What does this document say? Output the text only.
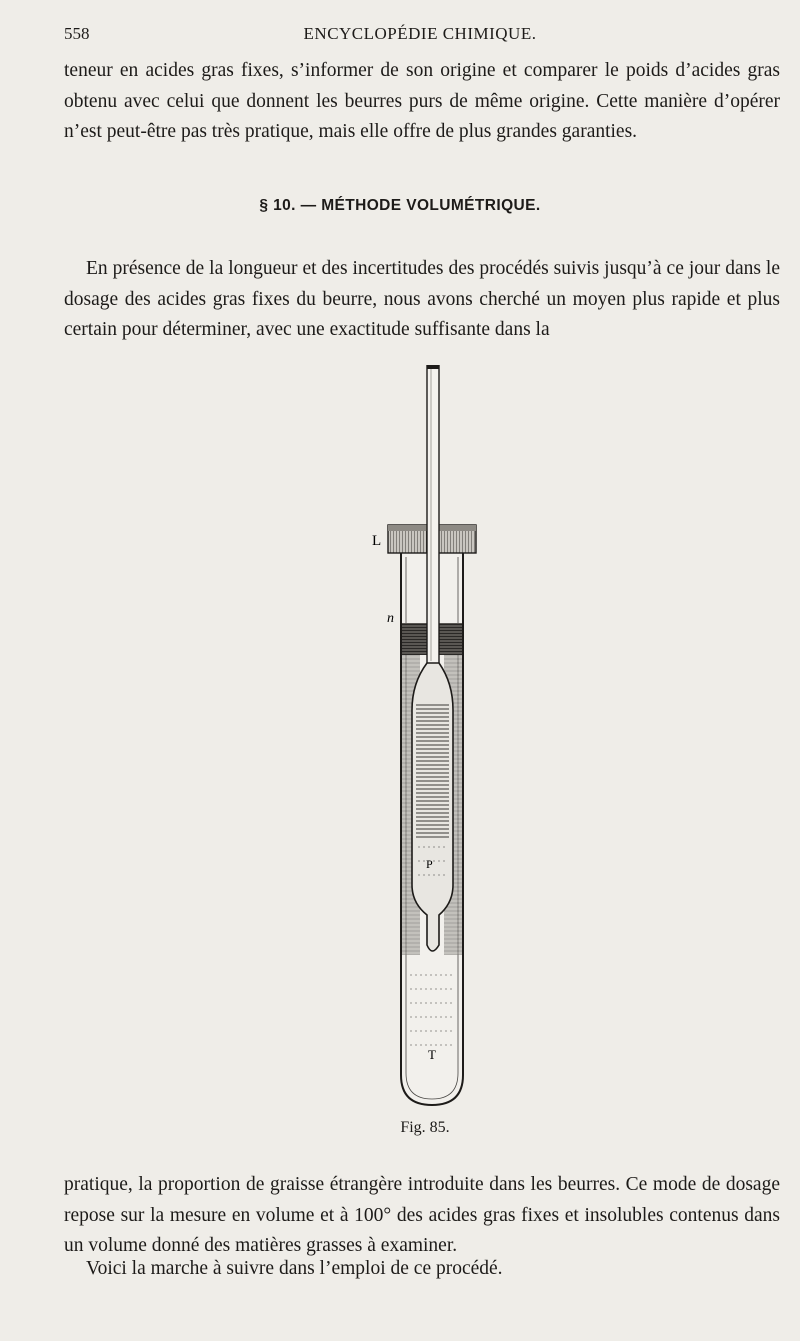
558	ENCYCLOPÉDIE CHIMIQUE.

teneur en acides gras fixes, s’informer de son origine et comparer le poids d’acides gras obtenu avec celui que donnent les beurres purs de même origine. Cette manière d’opérer n’est peut-être pas très pratique, mais elle offre de plus grandes garanties.

§ 10. — MÉTHODE VOLUMÉTRIQUE.

En présence de la longueur et des incertitudes des procédés suivis jusqu’à ce jour dans le dosage des acides gras fixes du beurre, nous avons cherché un moyen plus rapide et plus certain pour déterminer, avec une exactitude suffisante dans la

L
n
P
T
Fig. 85.

pratique, la proportion de graisse étrangère introduite dans les beurres. Ce mode de dosage repose sur la mesure en volume et à 100° des acides gras fixes et insolubles contenus dans un volume donné des matières grasses à examiner.

Voici la marche à suivre dans l’emploi de ce procédé.
